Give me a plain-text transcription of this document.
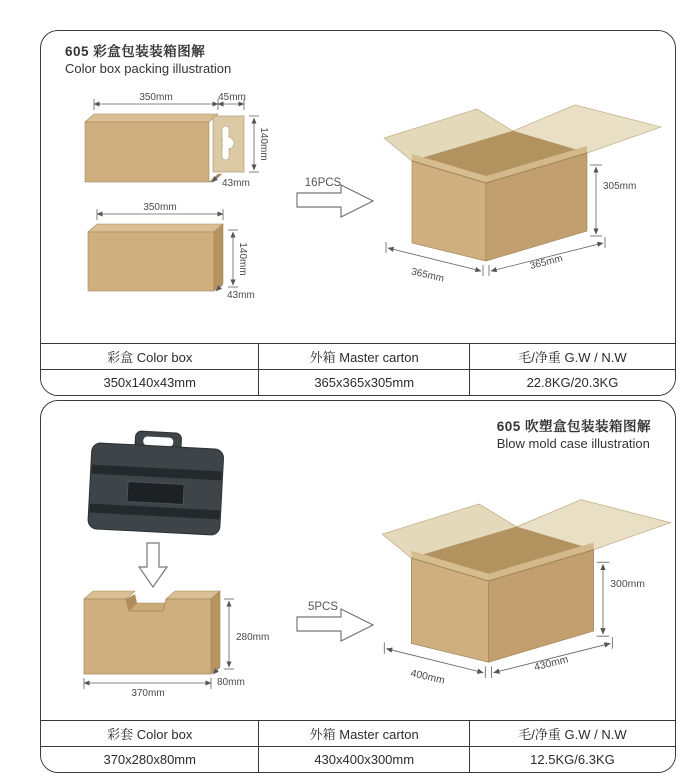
605 彩盒包装装箱图解
Color box packing illustration
350mm	45mm
140mm
43mm
350mm
140mm
43mm
16PCS	305mm
365mm
365mm
彩盒 Color box	外箱 Master carton	毛/净重 G.W / N.W
350x140x43mm	365x365x305mm	22.8KG/20.3KG
605 吹塑盒包装装箱图解
Blow mold case illustration
280mm
370mm
80mm
5PCS
300mm
400mm
430mm
彩套 Color box	外箱 Master carton	毛/净重 G.W / N.W
370x280x80mm	430x400x300mm	12.5KG/6.3KG
